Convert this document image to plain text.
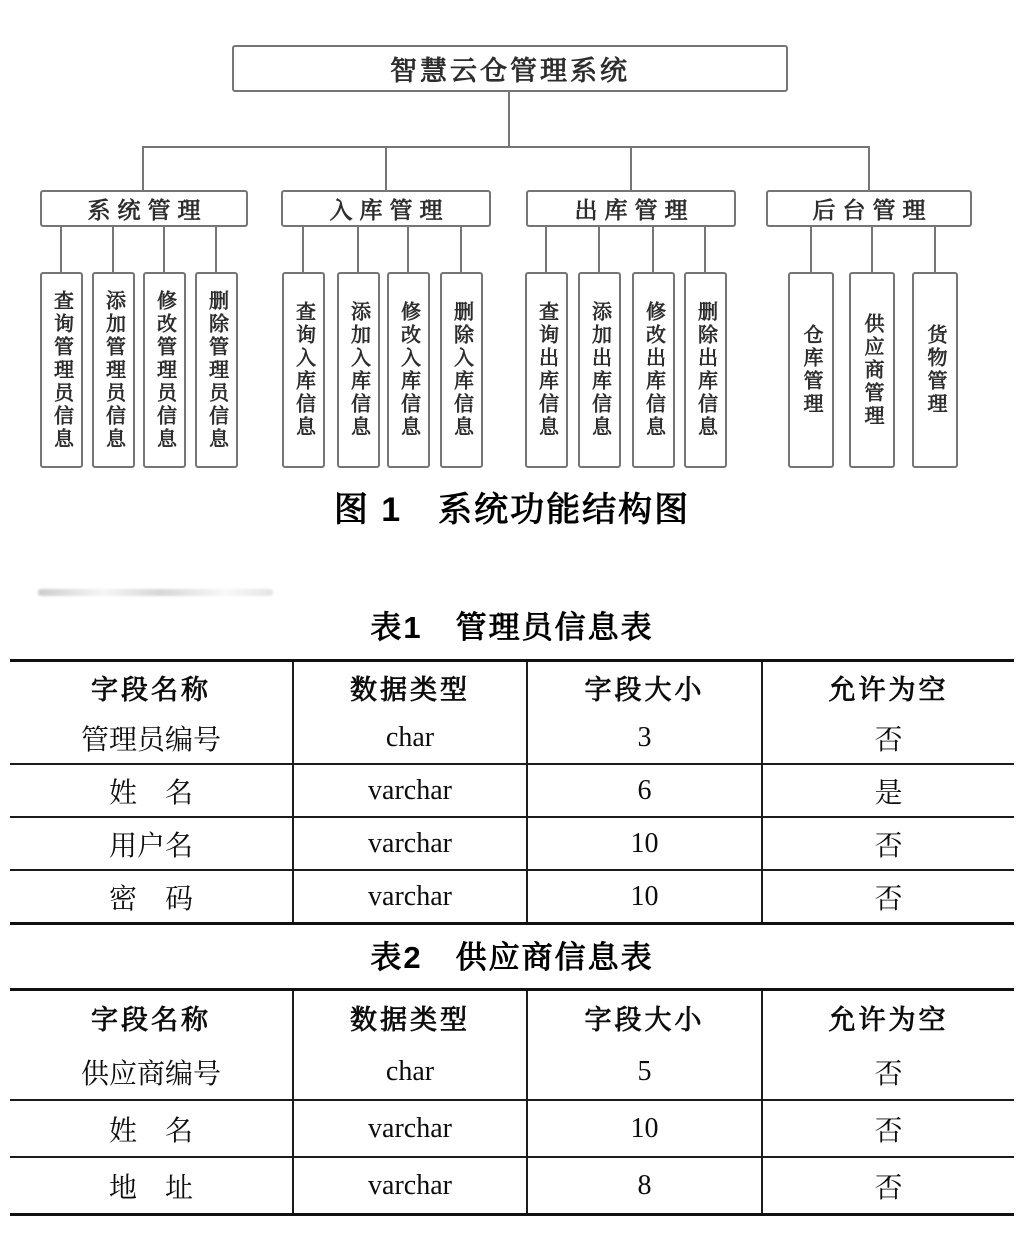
智慧云仓管理系统
系统管理	入库管理	出库管理	后台管理
查询管理员信息 添加管理员信息 修改管理员信息 删除管理员信息	查询入库信息 添加入库信息 修改入库信息 删除入库信息	查询出库信息 添加出库信息 修改出库信息 删除出库信息	仓库管理 供应商管理 货物管理
图 1　系统功能结构图
表1　管理员信息表
字段名称	数据类型	字段大小	允许为空
管理员编号	char	3	否
姓　名	varchar	6	是
用户名	varchar	10	否
密　码	varchar	10	否
表2　供应商信息表
字段名称	数据类型	字段大小	允许为空
供应商编号	char	5	否
姓　名	varchar	10	否
地　址	varchar	8	否
